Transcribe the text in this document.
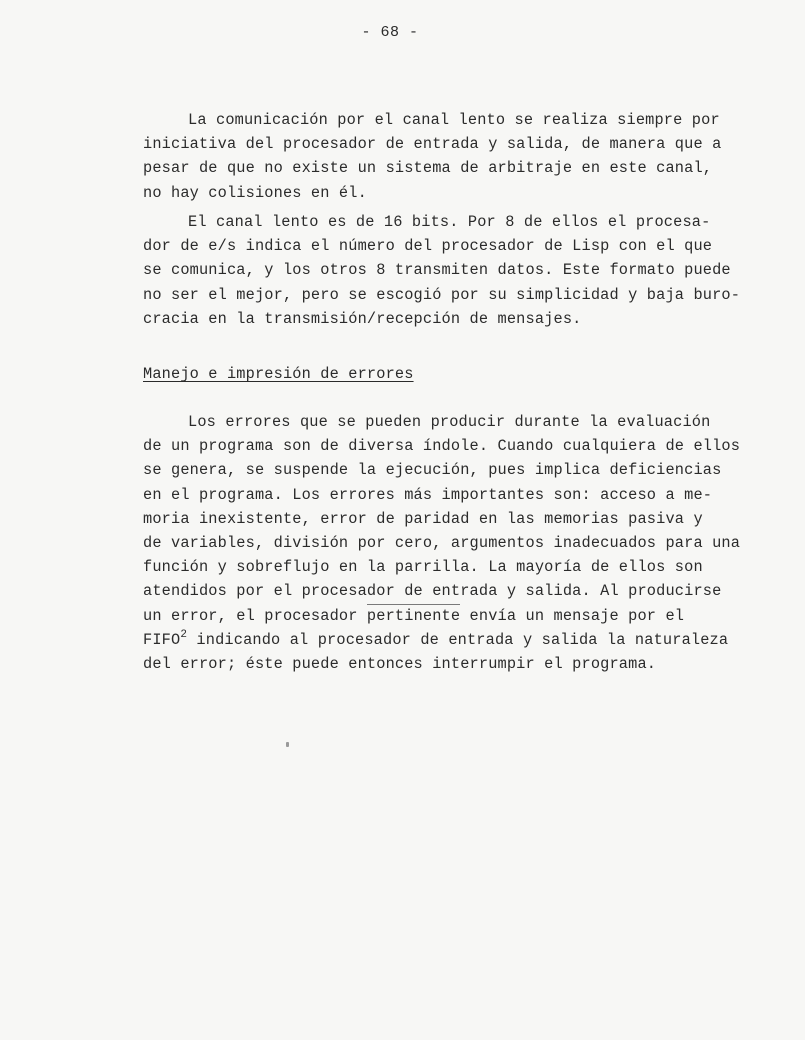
- 68 -

La comunicación por el canal lento se realiza siempre por
iniciativa del procesador de entrada y salida, de manera que a
pesar de que no existe un sistema de arbitraje en este canal,
no hay colisiones en él.

El canal lento es de 16 bits. Por 8 de ellos el procesa-
dor de e/s indica el número del procesador de Lisp con el que
se comunica, y los otros 8 transmiten datos. Este formato puede
no ser el mejor, pero se escogió por su simplicidad y baja buro-
cracia en la transmisión/recepción de mensajes.

Manejo e impresión de errores

Los errores que se pueden producir durante la evaluación
de un programa son de diversa índole. Cuando cualquiera de ellos
se genera, se suspende la ejecución, pues implica deficiencias
en el programa. Los errores más importantes son: acceso a me-
moria inexistente, error de paridad en las memorias pasiva y
de variables, división por cero, argumentos inadecuados para una
función y sobreflujo en la parrilla. La mayoría de ellos son
atendidos por el procesador de entrada y salida. Al producirse
un error, el procesador pertinente envía un mensaje por el
FIFO$^2$ indicando al procesador de entrada y salida la naturaleza
del error; éste puede entonces interrumpir el programa.
